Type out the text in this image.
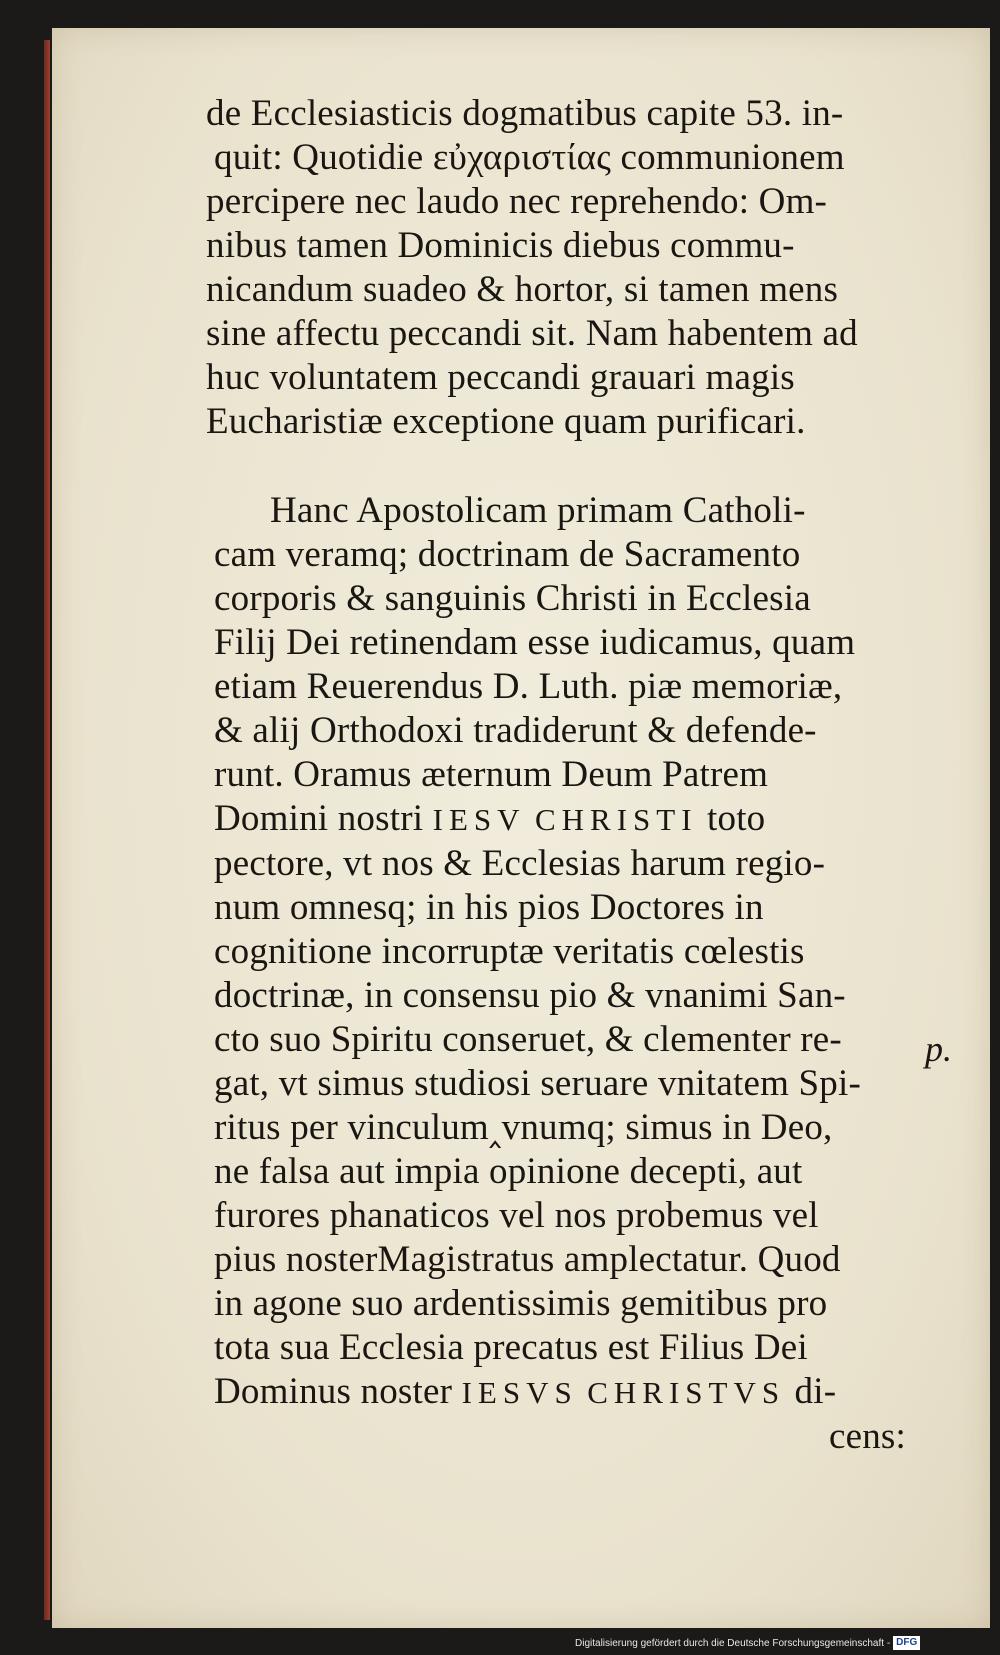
de Ecclesiasticis dogmatibus capite 53. in-
quit: Quotidie εὐχαριστίας communionem
percipere nec laudo nec reprehendo: Om-
nibus tamen Dominicis diebus commu-
nicandum suadeo & hortor, si tamen mens
sine affectu peccandi sit. Nam habentem ad
huc voluntatem peccandi grauari magis
Eucharistiæ exceptione quam purificari.
Hanc Apostolicam primam Catholi-
cam veramq; doctrinam de Sacramento
corporis & sanguinis Christi in Ecclesia
Filij Dei retinendam esse iudicamus, quam
etiam Reuerendus D. Luth. piæ memoriæ,
& alij Orthodoxi tradiderunt & defende-
runt. Oramus æternum Deum Patrem
Domini nostri IESV CHRISTI toto
pectore, vt nos & Ecclesias harum regio-
num omnesq; in his pios Doctores in
cognitione incorruptæ veritatis cœlestis
doctrinæ, in consensu pio & vnanimi San-
cto suo Spiritu conseruet, & clementer re-
gat, vt simus studiosi seruare vnitatem Spi-
ritus per vinculum‸vnumq; simus in Deo,
ne falsa aut impia opinione decepti, aut
furores phanaticos vel nos probemus vel
pius nosterMagistratus amplectatur. Quod
in agone suo ardentissimis gemitibus pro
tota sua Ecclesia precatus est Filius Dei
Dominus noster IESVS CHRISTVS di-
cens:
p.
Digitalisierung gefördert durch die Deutsche Forschungsgemeinschaft - DFG
